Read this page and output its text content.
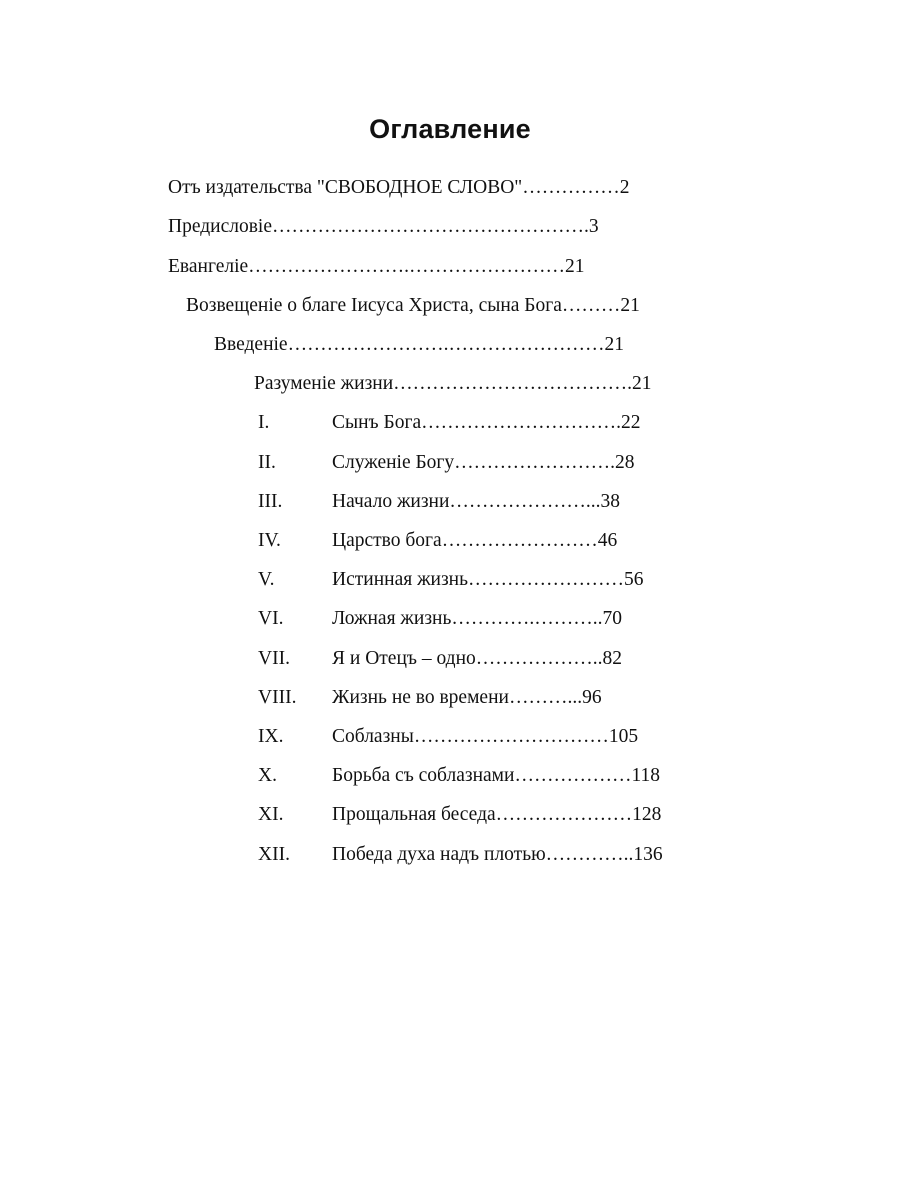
Оглавление
Отъ издательства "СВОБОДНОЕ СЛОВО"……………2
Предисловіе………………………………………….3
Евангеліе…………………….……………………21
Возвещеніе о благе Іисуса Христа, сына Бога………21
Введеніе…………………….……………………21
Разуменіе жизни……………………………….21
I.	Сынъ Бога………………………….22
II.	Служеніе Богу…………………….28
III.	Начало жизни…………………...38
IV.	Царство бога……………………46
V.	Истинная жизнь……………………56
VI. Ложная жизнь………….………..70
VII. Я и Отецъ – одно………………..82
VIII. Жизнь не во времени………...96
IX. Соблазны…………………………105
X.	Борьба съ соблазнами………………118
XI. Прощальная беседа…………………128
XII. Победа духа надъ плотью…………..136
